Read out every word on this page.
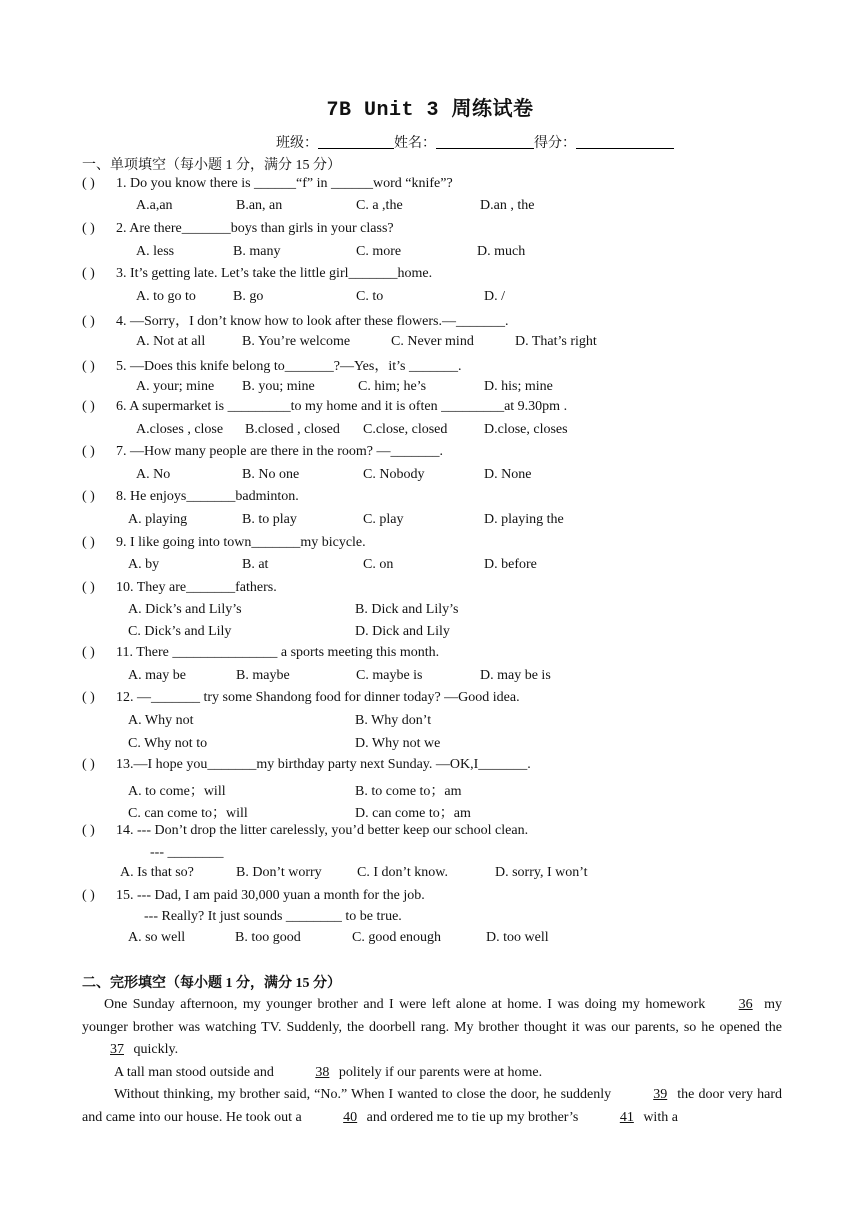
7B Unit 3 周练试卷
班级：	姓名：	得分：
一、单项填空（每小题 1 分，满分 15 分）
( ) 1. Do you know there is ______“f” in ______word “knife”?
A.a,an	B.an, an	C. a ,the	D.an , the
( ) 2. Are there_______boys than girls in your class?
A. less	B. many	C. more	D. much
( ) 3. It’s getting late. Let’s take the little girl_______home.
A. to go to	B. go	C. to	D. /
( ) 4. —Sorry，I don’t know how to look after these flowers.—_______.
A. Not at all	B. You’re welcome	C. Never mind	D. That’s right
( ) 5. —Does this knife belong to_______?—Yes，it’s _______.
A. your; mine B. you; mine	C. him; he’s	D. his; mine
( ) 6. A supermarket is _________to my home and it is often _________at 9.30pm .
A.closes , close B.closed , closed C.close, closed	D.close, closes
( ) 7. —How many people are there in the room? —_______.
A. No	B. No one	C. Nobody	D. None
( ) 8. He enjoys_______badminton.
A. playing	B. to play	C. play	D. playing the
( ) 9. I like going into town_______my bicycle.
A. by	B. at	C. on	D. before
( ) 10. They are_______fathers.
A. Dick’s and Lily’s	B. Dick and Lily’s
C. Dick’s and Lily	D. Dick and Lily
( ) 11. There _______________ a sports meeting this month.
A. may be	B. maybe	C. maybe is	D. may be is
( ) 12. —_______ try some Shandong food for dinner today? —Good idea.
A. Why not	B. Why don’t
C. Why not to	D. Why not we
( ) 13.—I hope you_______my birthday party next Sunday. —OK,I_______.
A. to come；will	B. to come to；am
C. can come to；will	D. can come to；am
( ) 14. --- Don’t drop the litter carelessly, you’d better keep our school clean.
--- ________
A. Is that so?	B. Don’t worry	C. I don’t know.	D. sorry, I won’t
( ) 15. --- Dad, I am paid 30,000 yuan a month for the job.
--- Really? It just sounds ________ to be true.
A. so well	B. too good	C. good enough	D. too well
二、完形填空（每小题 1 分，满分 15 分）
One Sunday afternoon, my younger brother and I were left alone at home. I was doing my homework 36 my younger brother was watching TV. Suddenly, the doorbell rang. My brother thought it was our parents, so he opened the 37 quickly.
A tall man stood outside and	38 politely if our parents were at home.
Without thinking, my brother said, “No.” When I wanted to close the door, he suddenly	39 the door very hard and came into our house. He took out a	40 and ordered me to tie up my brother’s	41 with a
